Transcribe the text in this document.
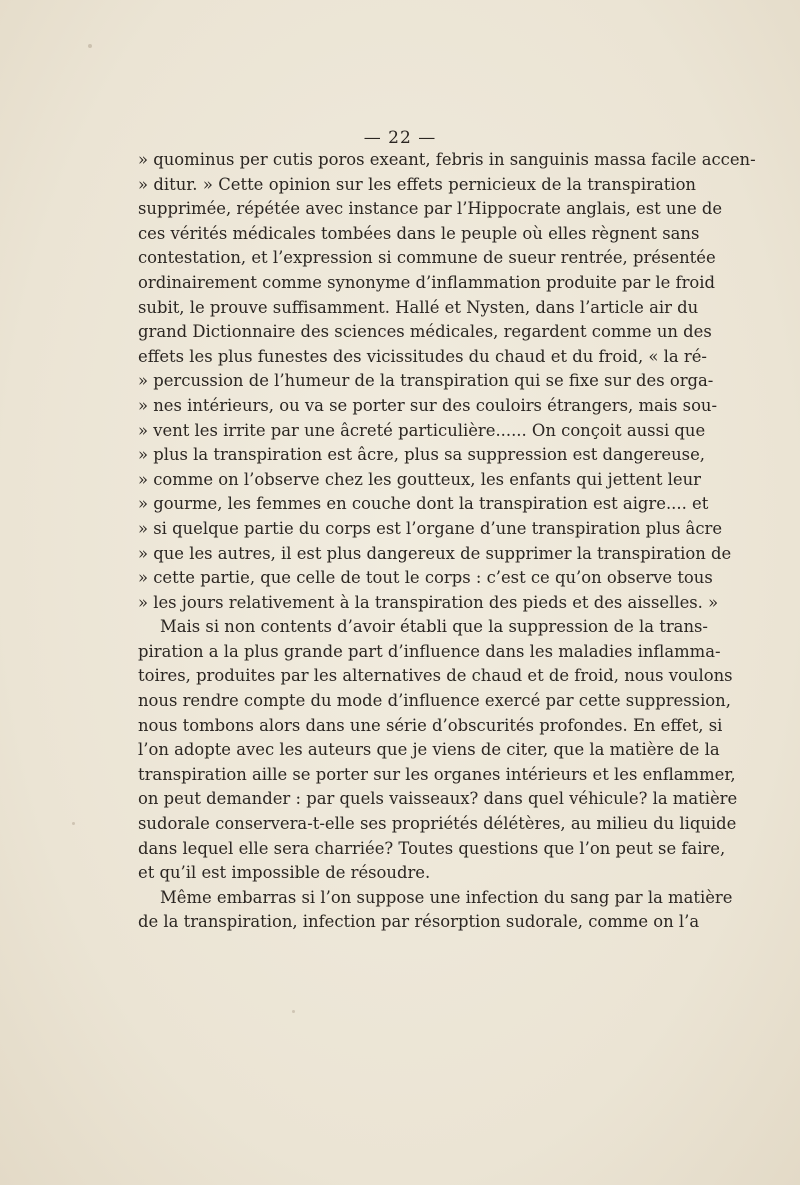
— 22 —
» quominus per cutis poros exeant, febris in sanguinis massa facile accen-
» ditur. » Cette opinion sur les effets pernicieux de la transpiration
supprimée, répétée avec instance par l’Hippocrate anglais, est une de
ces vérités médicales tombées dans le peuple où elles règnent sans
contestation, et l’expression si commune de sueur rentrée, présentée
ordinairement comme synonyme d’inflammation produite par le froid
subit, le prouve suffisamment. Hallé et Nysten, dans l’article air du
grand Dictionnaire des sciences médicales, regardent comme un des
effets les plus funestes des vicissitudes du chaud et du froid, « la ré-
» percussion de l’humeur de la transpiration qui se fixe sur des orga-
» nes intérieurs, ou va se porter sur des couloirs étrangers, mais sou-
» vent les irrite par une âcreté particulière...... On conçoit aussi que
» plus la transpiration est âcre, plus sa suppression est dangereuse,
» comme on l’observe chez les goutteux, les enfants qui jettent leur
» gourme, les femmes en couche dont la transpiration est aigre.... et
» si quelque partie du corps est l’organe d’une transpiration plus âcre
» que les autres, il est plus dangereux de supprimer la transpiration de
» cette partie, que celle de tout le corps : c’est ce qu’on observe tous
» les jours relativement à la transpiration des pieds et des aisselles. »
Mais si non contents d’avoir établi que la suppression de la trans-
piration a la plus grande part d’influence dans les maladies inflamma-
toires, produites par les alternatives de chaud et de froid, nous voulons
nous rendre compte du mode d’influence exercé par cette suppression,
nous tombons alors dans une série d’obscurités profondes. En effet, si
l’on adopte avec les auteurs que je viens de citer, que la matière de la
transpiration aille se porter sur les organes intérieurs et les enflammer,
on peut demander : par quels vaisseaux? dans quel véhicule? la matière
sudorale conservera-t-elle ses propriétés délétères, au milieu du liquide
dans lequel elle sera charriée? Toutes questions que l’on peut se faire,
et qu’il est impossible de résoudre.
Même embarras si l’on suppose une infection du sang par la matière
de la transpiration, infection par résorption sudorale, comme on l’a
